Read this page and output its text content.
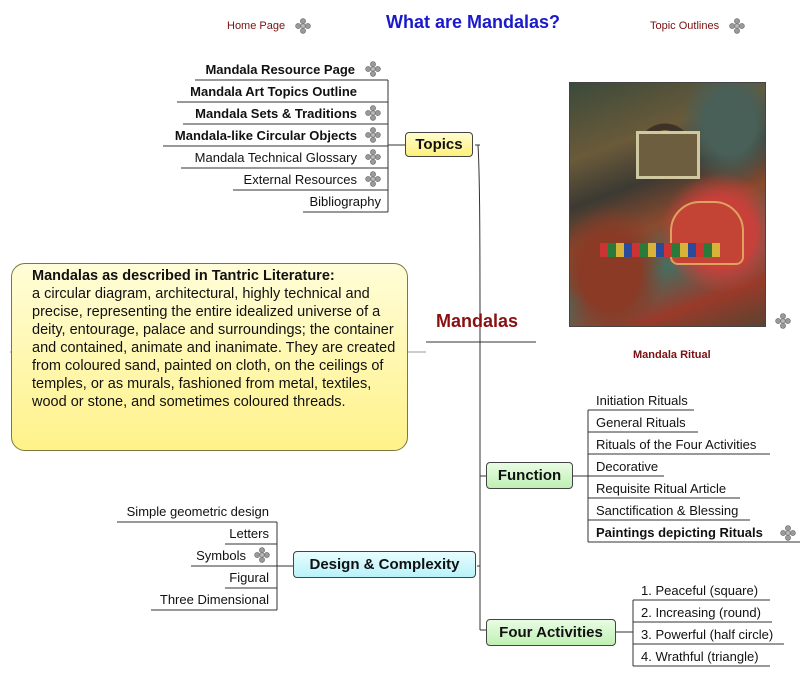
What are Mandalas?
Home Page	Topic Outlines
Topics
Mandala Resource Page
Mandala Art Topics Outline
Mandala Sets & Traditions
Mandala-like Circular Objects
Mandala Technical Glossary
External Resources
Bibliography
Mandalas as described in Tantric Literature:
a circular diagram, architectural, highly technical and precise, representing the entire idealized universe of a deity, entourage, palace and surroundings; the container and contained, animate and inanimate. They are created from coloured sand, painted on cloth, on the ceilings of temples, or as murals, fashioned from metal, textiles, wood or stone, and sometimes coloured threads.
Mandalas
Mandala Ritual
Function
Initiation Rituals
General Rituals
Rituals of the Four Activities
Decorative
Requisite Ritual Article
Sanctification & Blessing
Paintings depicting Rituals
Design & Complexity
Simple geometric design
Letters
Symbols
Figural
Three Dimensional
Four Activities
1. Peaceful (square)
2. Increasing (round)
3. Powerful (half circle)
4. Wrathful (triangle)
